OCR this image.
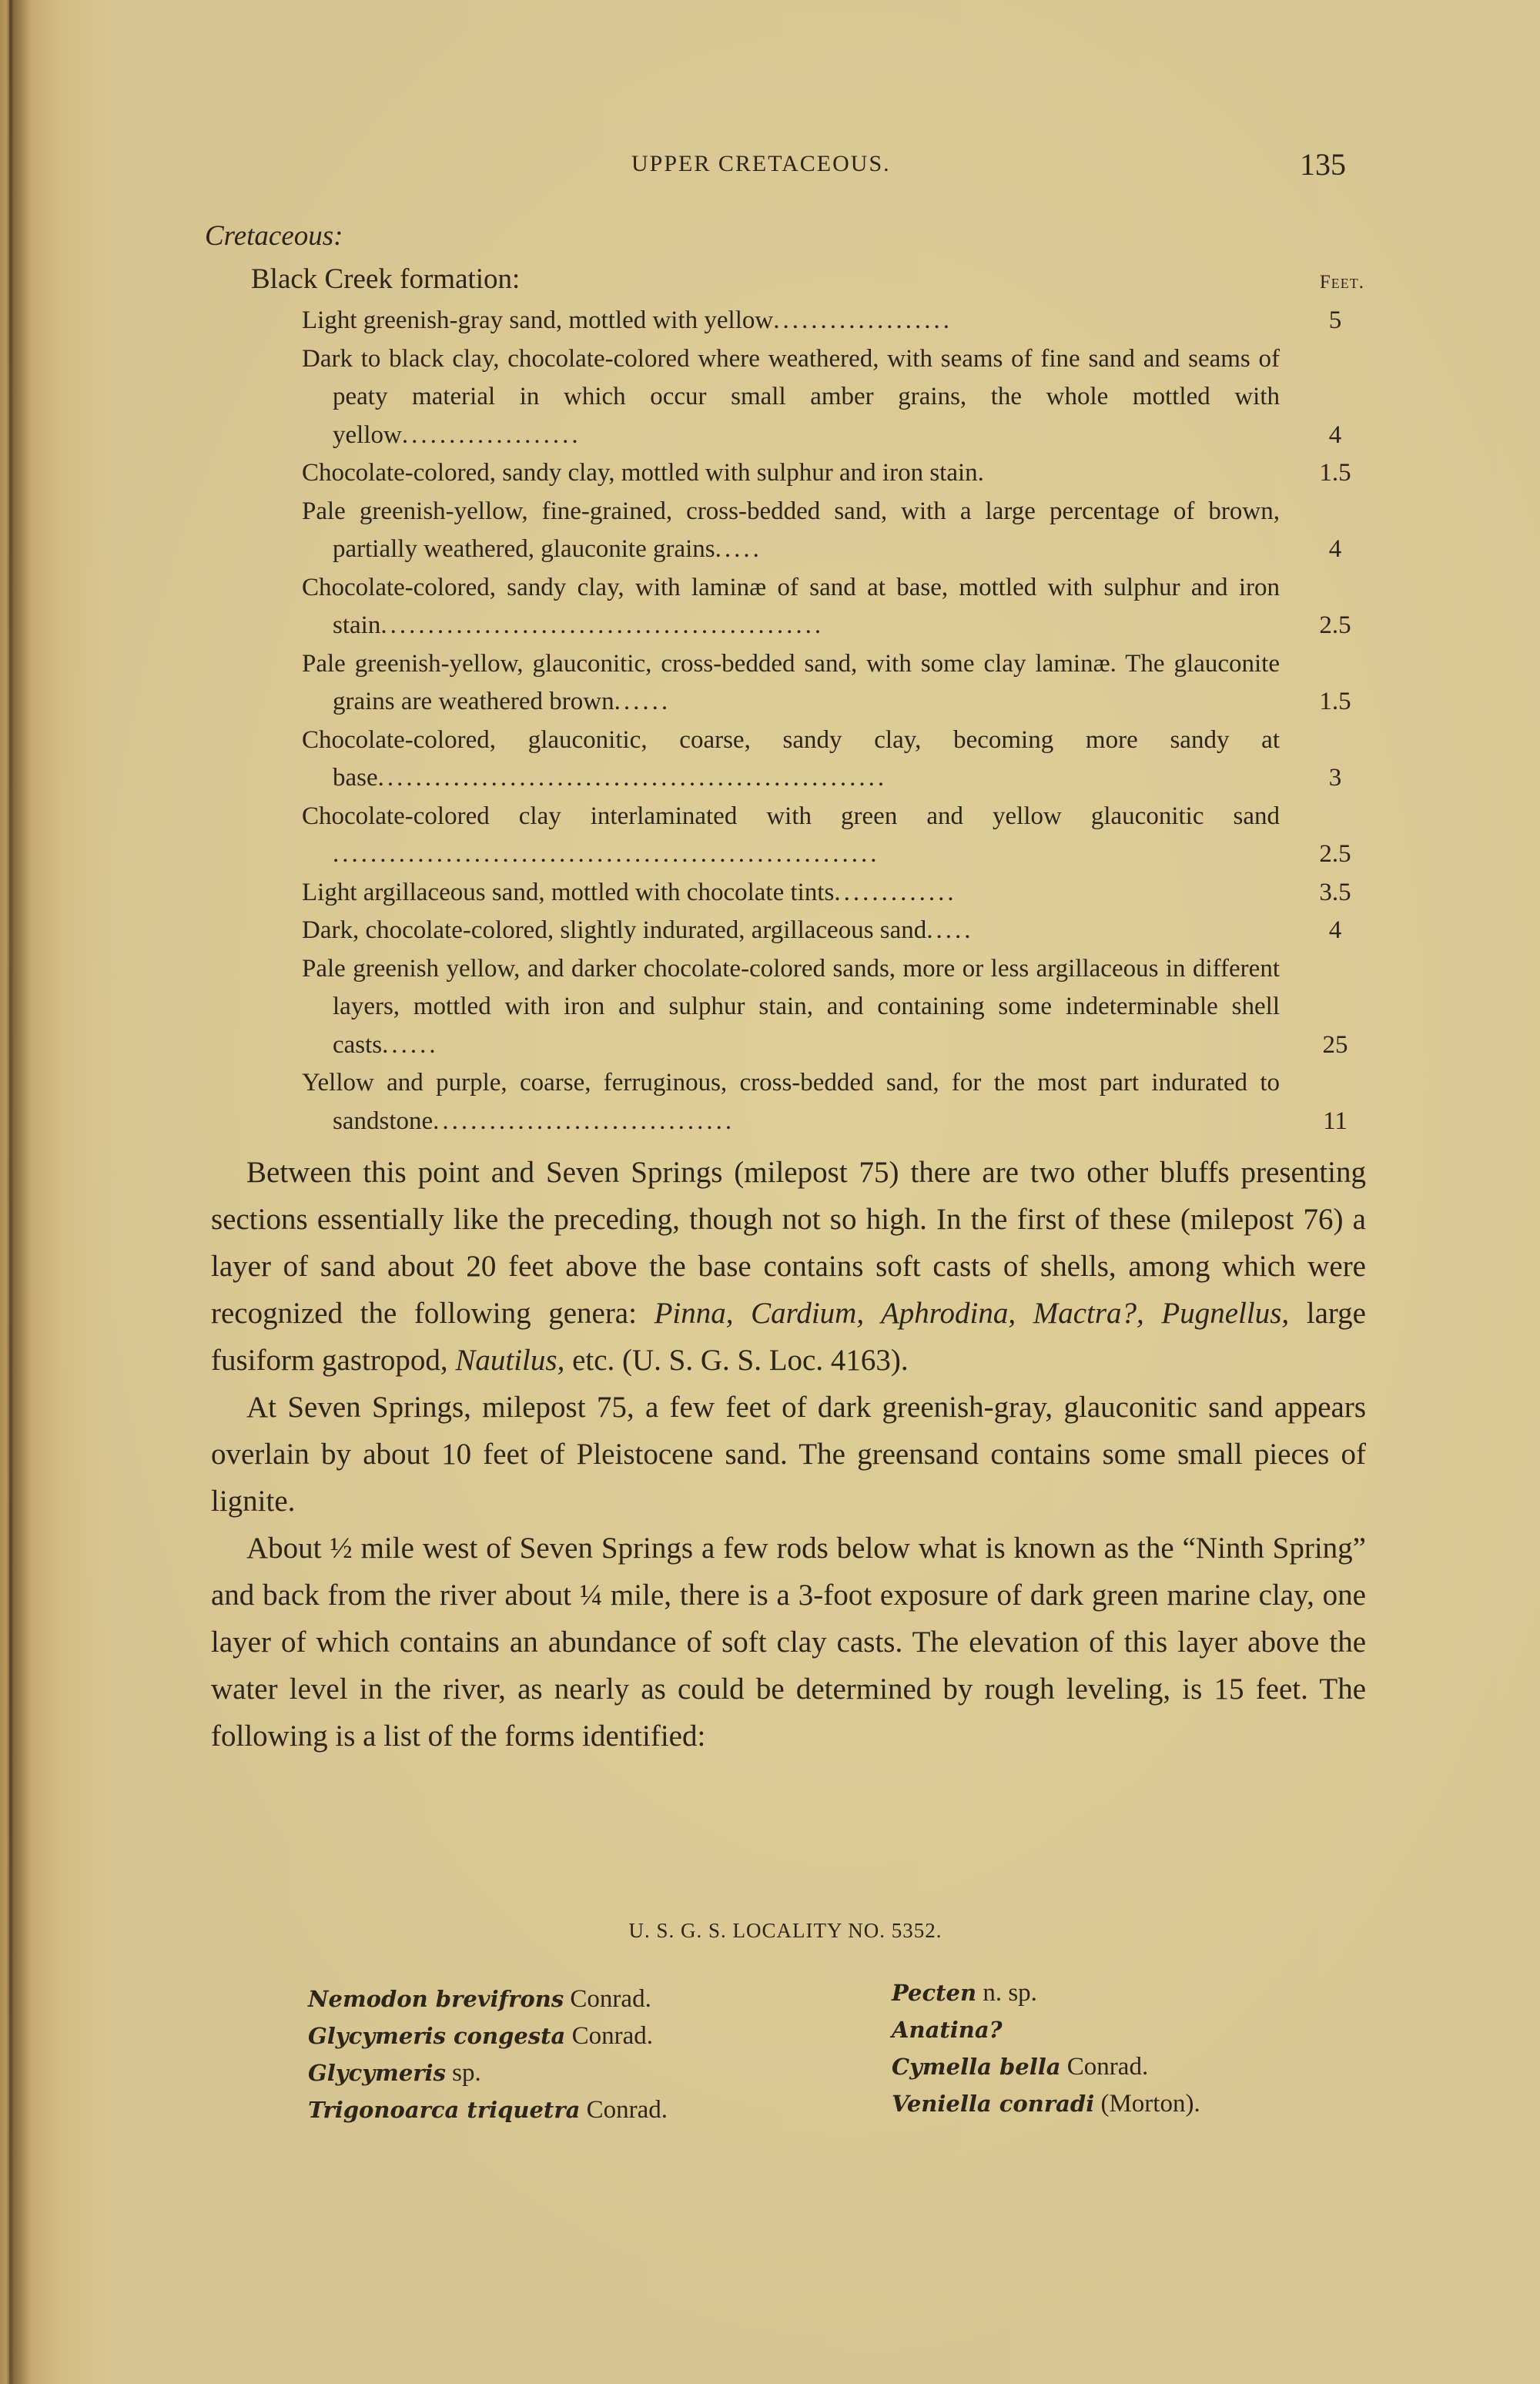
UPPER CRETACEOUS.	135
Cretaceous:
Black Creek formation:	Feet.
Light greenish-gray sand, mottled with yellow...................	5
Dark to black clay, chocolate-colored where weathered, with seams of fine sand and seams of peaty material in which occur small amber grains, the whole mottled with yellow...................	4
Chocolate-colored, sandy clay, mottled with sulphur and iron stain.	1.5
Pale greenish-yellow, fine-grained, cross-bedded sand, with a large percentage of brown, partially weathered, glauconite grains.....	4
Chocolate-colored, sandy clay, with laminæ of sand at base, mottled with sulphur and iron stain...............................................	2.5
Pale greenish-yellow, glauconitic, cross-bedded sand, with some clay laminæ. The glauconite grains are weathered brown......	1.5
Chocolate-colored, glauconitic, coarse, sandy clay, becoming more sandy at base......................................................	3
Chocolate-colored clay interlaminated with green and yellow glauconitic sand ..........................................................	2.5
Light argillaceous sand, mottled with chocolate tints.............	3.5
Dark, chocolate-colored, slightly indurated, argillaceous sand.....	4
Pale greenish yellow, and darker chocolate-colored sands, more or less argillaceous in different layers, mottled with iron and sulphur stain, and containing some indeterminable shell casts......	25
Yellow and purple, coarse, ferruginous, cross-bedded sand, for the most part indurated to sandstone................................	11

Between this point and Seven Springs (milepost 75) there are two other bluffs presenting sections essentially like the preceding, though not so high. In the first of these (milepost 76) a layer of sand about 20 feet above the base contains soft casts of shells, among which were recognized the following genera: Pinna, Cardium, Aphrodina, Mactra?, Pugnellus, large fusiform gastropod, Nautilus, etc. (U. S. G. S. Loc. 4163).

At Seven Springs, milepost 75, a few feet of dark greenish-gray, glauconitic sand appears overlain by about 10 feet of Pleistocene sand. The greensand contains some small pieces of lignite.

About ½ mile west of Seven Springs a few rods below what is known as the “Ninth Spring” and back from the river about ¼ mile, there is a 3-foot exposure of dark green marine clay, one layer of which contains an abundance of soft clay casts. The elevation of this layer above the water level in the river, as nearly as could be determined by rough leveling, is 15 feet. The following is a list of the forms identified:

U. S. G. S. LOCALITY NO. 5352.
Nemodon brevifrons Conrad.
Glycymeris congesta Conrad.
Glycymeris sp.
Trigonoarca triquetra Conrad.
Pecten n. sp.
Anatina?
Cymella bella Conrad.
Veniella conradi (Morton).
